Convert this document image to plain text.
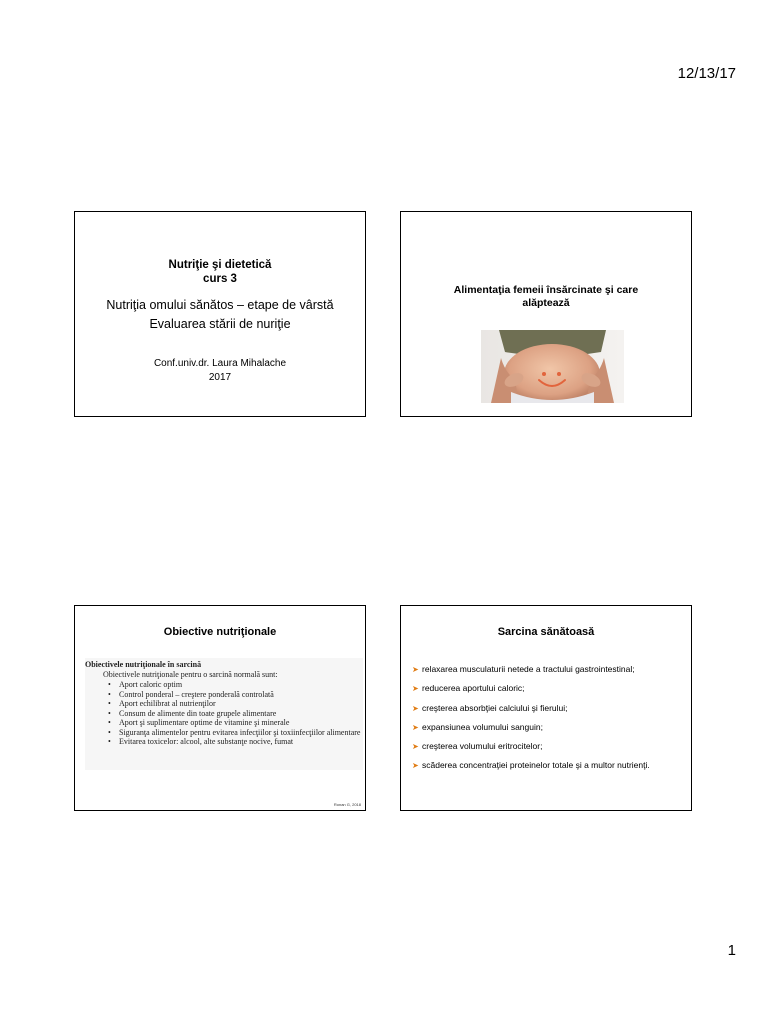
12/13/17
Nutriţie şi dietetică
curs 3
Nutriţia omului sănătos – etape de vârstă
Evaluarea stării de nuriţie
Conf.univ.dr. Laura Mihalache
2017
Alimentaţia femeii însărcinate şi care
alăptează
Obiective nutriţionale
Obiectivele nutriţionale în sarcină
Obiectivele nutriţionale pentru o sarcină normală sunt:
• Aport caloric optim
• Control ponderal – creştere ponderală controlată
• Aport echilibrat al nutrienţilor
• Consum de alimente din toate grupele alimentare
• Aport şi suplimentare optime de vitamine şi minerale
• Siguranţa alimentelor pentru evitarea infecţiilor şi toxiinfecţiilor alimentare
• Evitarea toxicelor: alcool, alte substanţe nocive, fumat
Ronan G, 2018
Sarcina sănătoasă
➤ relaxarea musculaturii netede a tractului gastrointestinal;
➤ reducerea aportului caloric;
➤ creşterea absorbţiei calciului şi fierului;
➤ expansiunea volumului sanguin;
➤ creşterea volumului eritrocitelor;
➤ scăderea concentraţiei proteinelor totale şi a multor nutrienţi.
1
